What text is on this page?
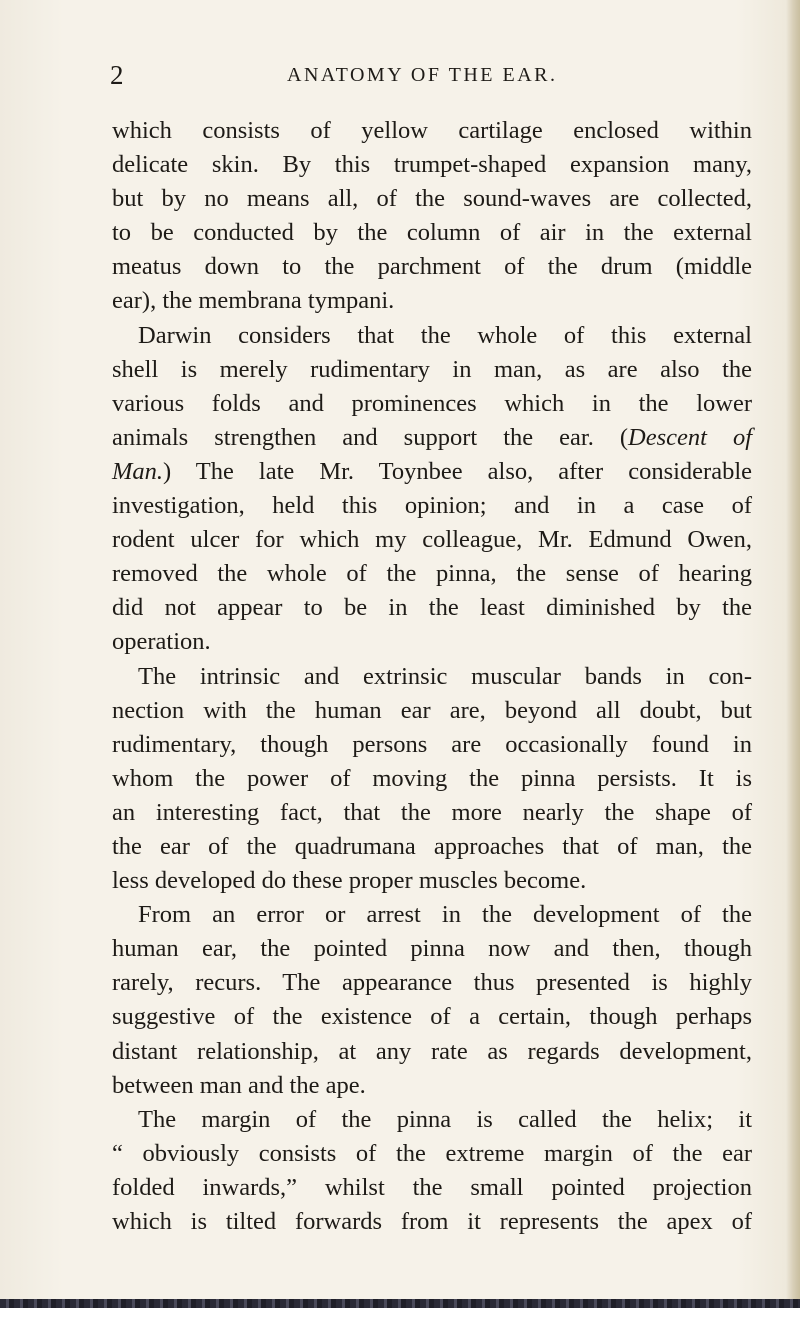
2	ANATOMY OF THE EAR.
which consists of yellow cartilage enclosed within
delicate skin. By this trumpet-shaped expansion many,
but by no means all, of the sound-waves are collected,
to be conducted by the column of air in the external
meatus down to the parchment of the drum (middle
ear), the membrana tympani.
Darwin considers that the whole of this external
shell is merely rudimentary in man, as are also the
various folds and prominences which in the lower
animals strengthen and support the ear. (Descent of
Man.) The late Mr. Toynbee also, after considerable
investigation, held this opinion; and in a case of
rodent ulcer for which my colleague, Mr. Edmund Owen,
removed the whole of the pinna, the sense of hearing
did not appear to be in the least diminished by the
operation.
The intrinsic and extrinsic muscular bands in con-
nection with the human ear are, beyond all doubt, but
rudimentary, though persons are occasionally found in
whom the power of moving the pinna persists. It is
an interesting fact, that the more nearly the shape of
the ear of the quadrumana approaches that of man, the
less developed do these proper muscles become.
From an error or arrest in the development of the
human ear, the pointed pinna now and then, though
rarely, recurs. The appearance thus presented is highly
suggestive of the existence of a certain, though perhaps
distant relationship, at any rate as regards development,
between man and the ape.
The margin of the pinna is called the helix; it
“ obviously consists of the extreme margin of the ear
folded inwards,” whilst the small pointed projection
which is tilted forwards from it represents the apex of
